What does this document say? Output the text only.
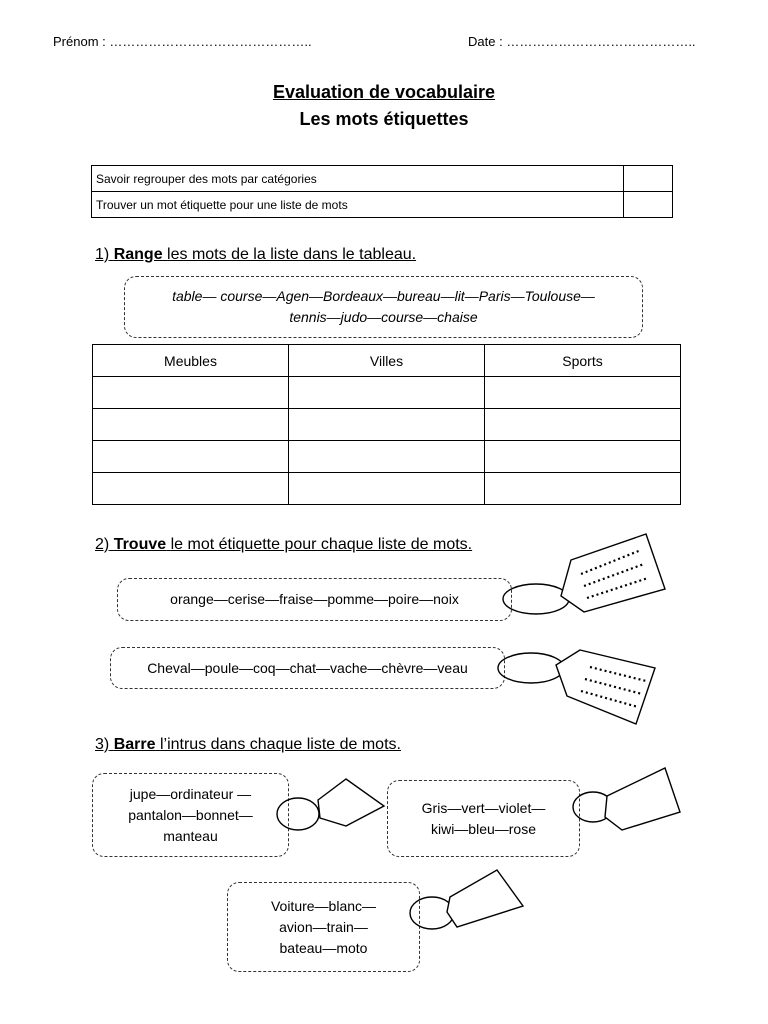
Prénom : ………………………………………..	Date : ……………………………………..
Evaluation de vocabulaire
Les mots étiquettes
Savoir regrouper des mots par catégories	
Trouver un mot étiquette pour une liste de mots	
1) Range les mots de la liste dans le tableau.
table— course—Agen—Bordeaux—bureau—lit—Paris—Toulouse—
tennis—judo—course—chaise
Meubles	Villes	Sports

2) Trouve le mot étiquette pour chaque liste de mots.
orange—cerise—fraise—pomme—poire—noix
Cheval—poule—coq—chat—vache—chèvre—veau
3) Barre l’intrus dans chaque liste de mots.
jupe—ordinateur —
pantalon—bonnet—
manteau
Gris—vert—violet—
kiwi—bleu—rose
Voiture—blanc—
avion—train—
bateau—moto
